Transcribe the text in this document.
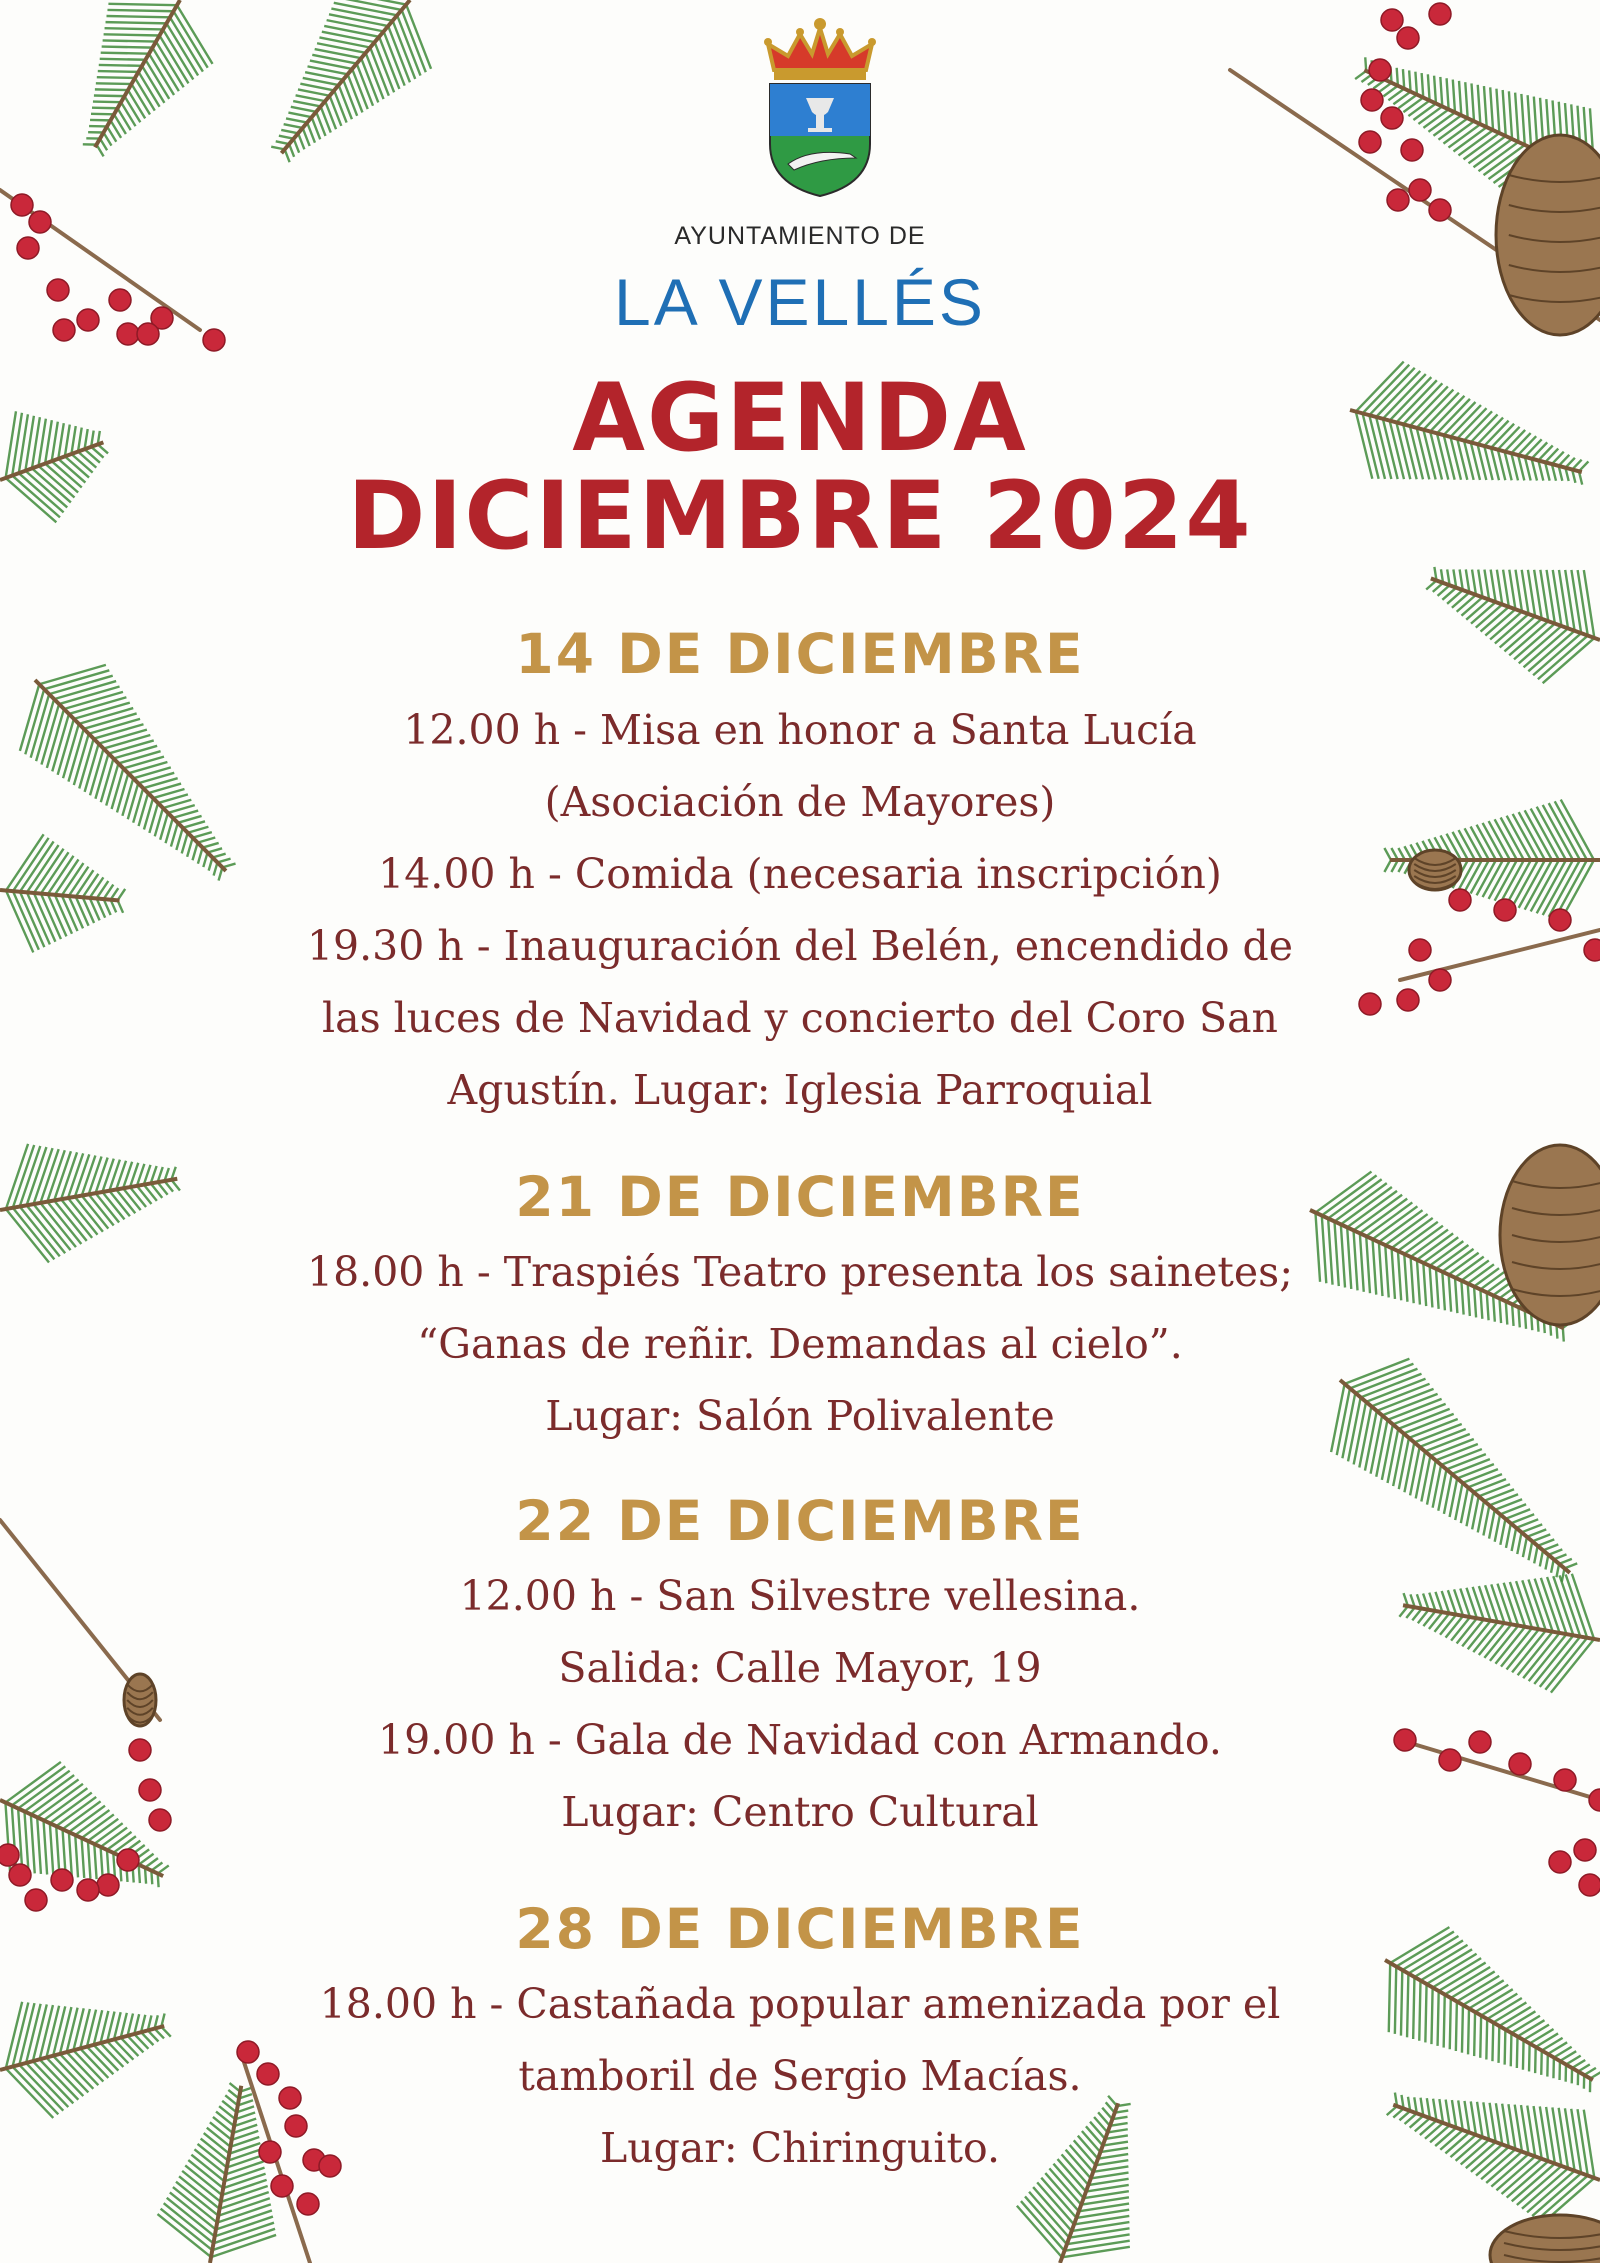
AYUNTAMIENTO DE
LA VELLÉS
AGENDA
DICIEMBRE 2024
14 DE DICIEMBRE
12.00 h - Misa en honor a Santa Lucía
(Asociación de Mayores)
14.00 h - Comida (necesaria inscripción)
19.30 h - Inauguración del Belén, encendido de
las luces de Navidad y concierto del Coro San
Agustín. Lugar: Iglesia Parroquial
21 DE DICIEMBRE
18.00 h - Traspiés Teatro presenta los sainetes;
“Ganas de reñir. Demandas al cielo”.
Lugar: Salón Polivalente
22 DE DICIEMBRE
12.00 h - San Silvestre vellesina.
Salida: Calle Mayor, 19
19.00 h - Gala de Navidad con Armando.
Lugar: Centro Cultural
28 DE DICIEMBRE
18.00 h - Castañada popular amenizada por el
tamboril de Sergio Macías.
Lugar: Chiringuito.
